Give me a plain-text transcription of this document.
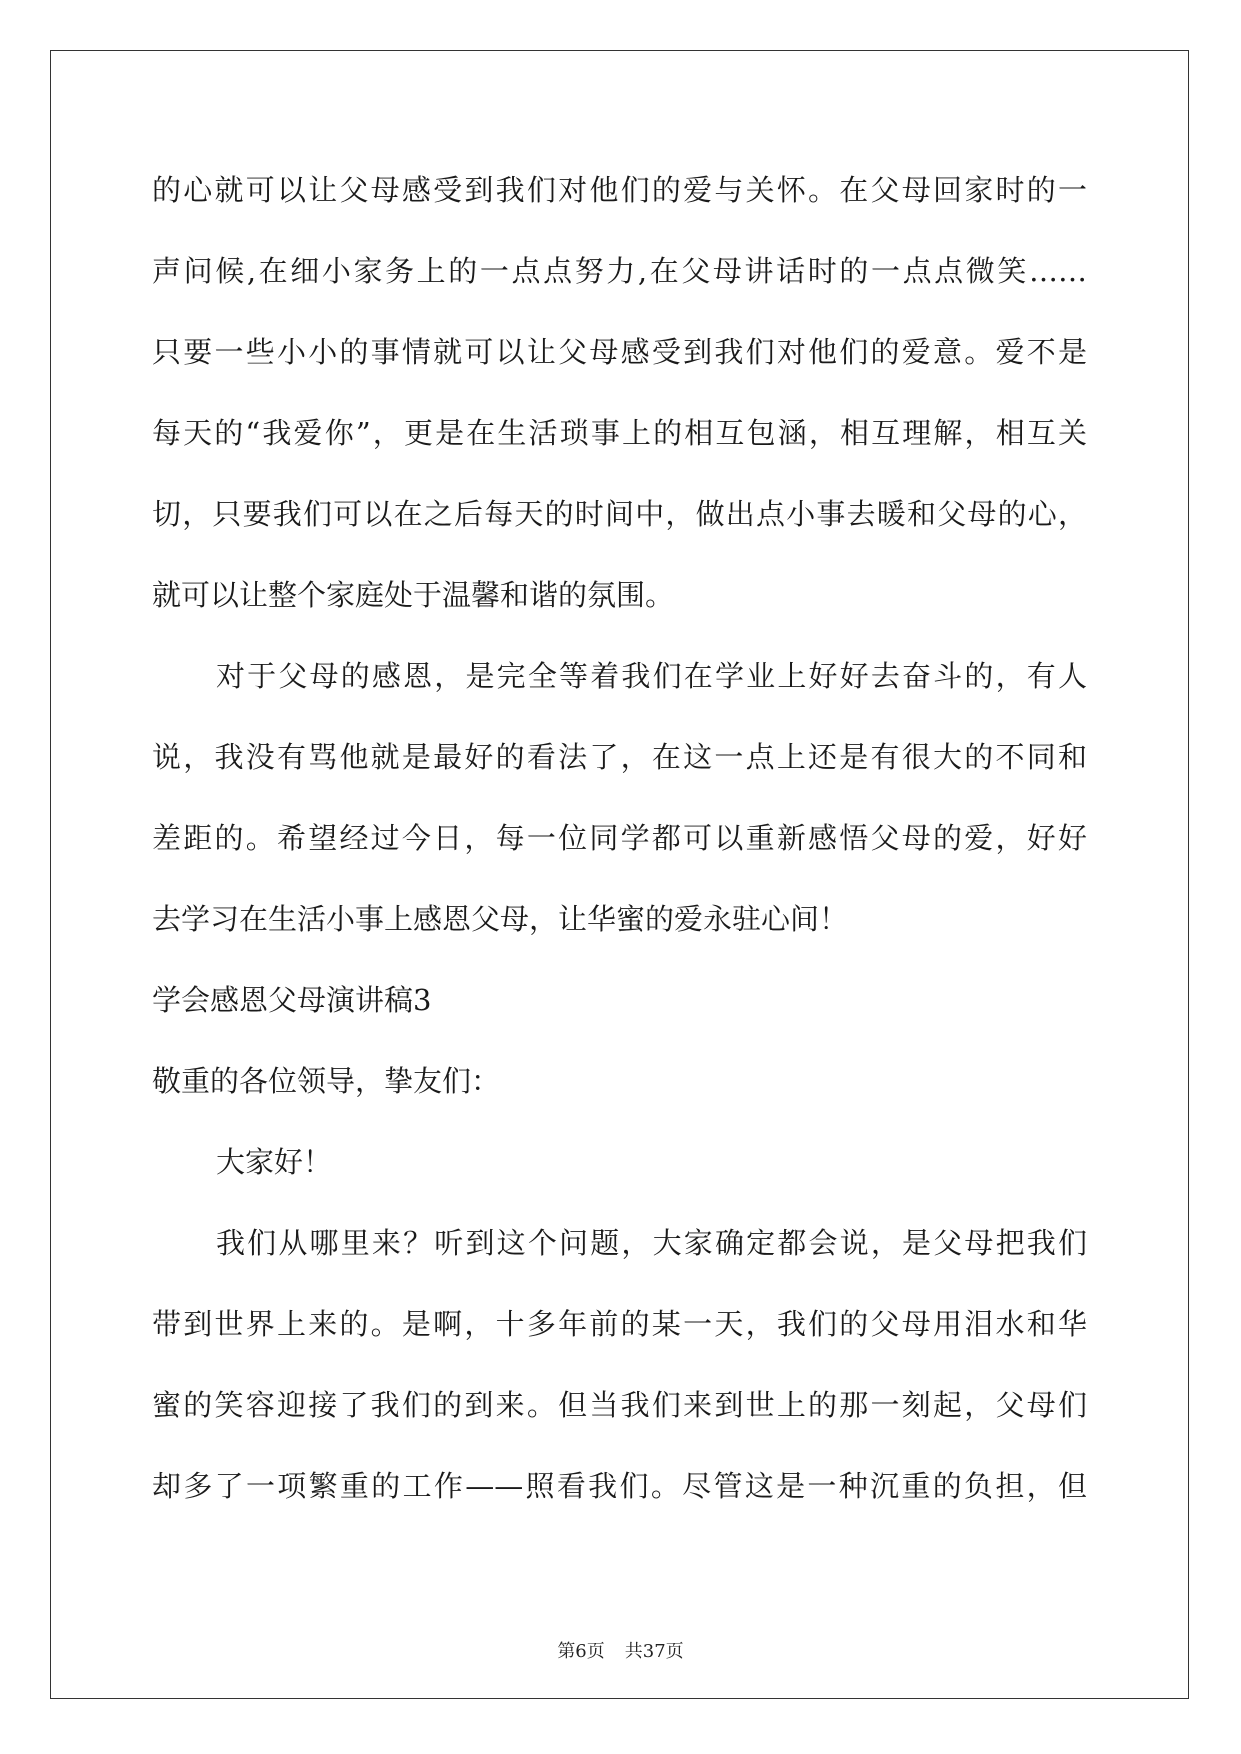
的心就可以让父母感受到我们对他们的爱与关怀。在父母回家时的一
声问候,在细小家务上的一点点努力,在父母讲话时的一点点微笑……
只要一些小小的事情就可以让父母感受到我们对他们的爱意。爱不是
每天的“我爱你”，更是在生活琐事上的相互包涵，相互理解，相互关
切，只要我们可以在之后每天的时间中，做出点小事去暖和父母的心，
就可以让整个家庭处于温馨和谐的氛围。
对于父母的感恩，是完全等着我们在学业上好好去奋斗的，有人
说，我没有骂他就是最好的看法了，在这一点上还是有很大的不同和
差距的。希望经过今日，每一位同学都可以重新感悟父母的爱，好好
去学习在生活小事上感恩父母，让华蜜的爱永驻心间！
学会感恩父母演讲稿3
敬重的各位领导，挚友们：
大家好！
我们从哪里来？听到这个问题，大家确定都会说，是父母把我们
带到世界上来的。是啊，十多年前的某一天，我们的父母用泪水和华
蜜的笑容迎接了我们的到来。但当我们来到世上的那一刻起，父母们
却多了一项繁重的工作——照看我们。尽管这是一种沉重的负担，但
第6页 共37页
